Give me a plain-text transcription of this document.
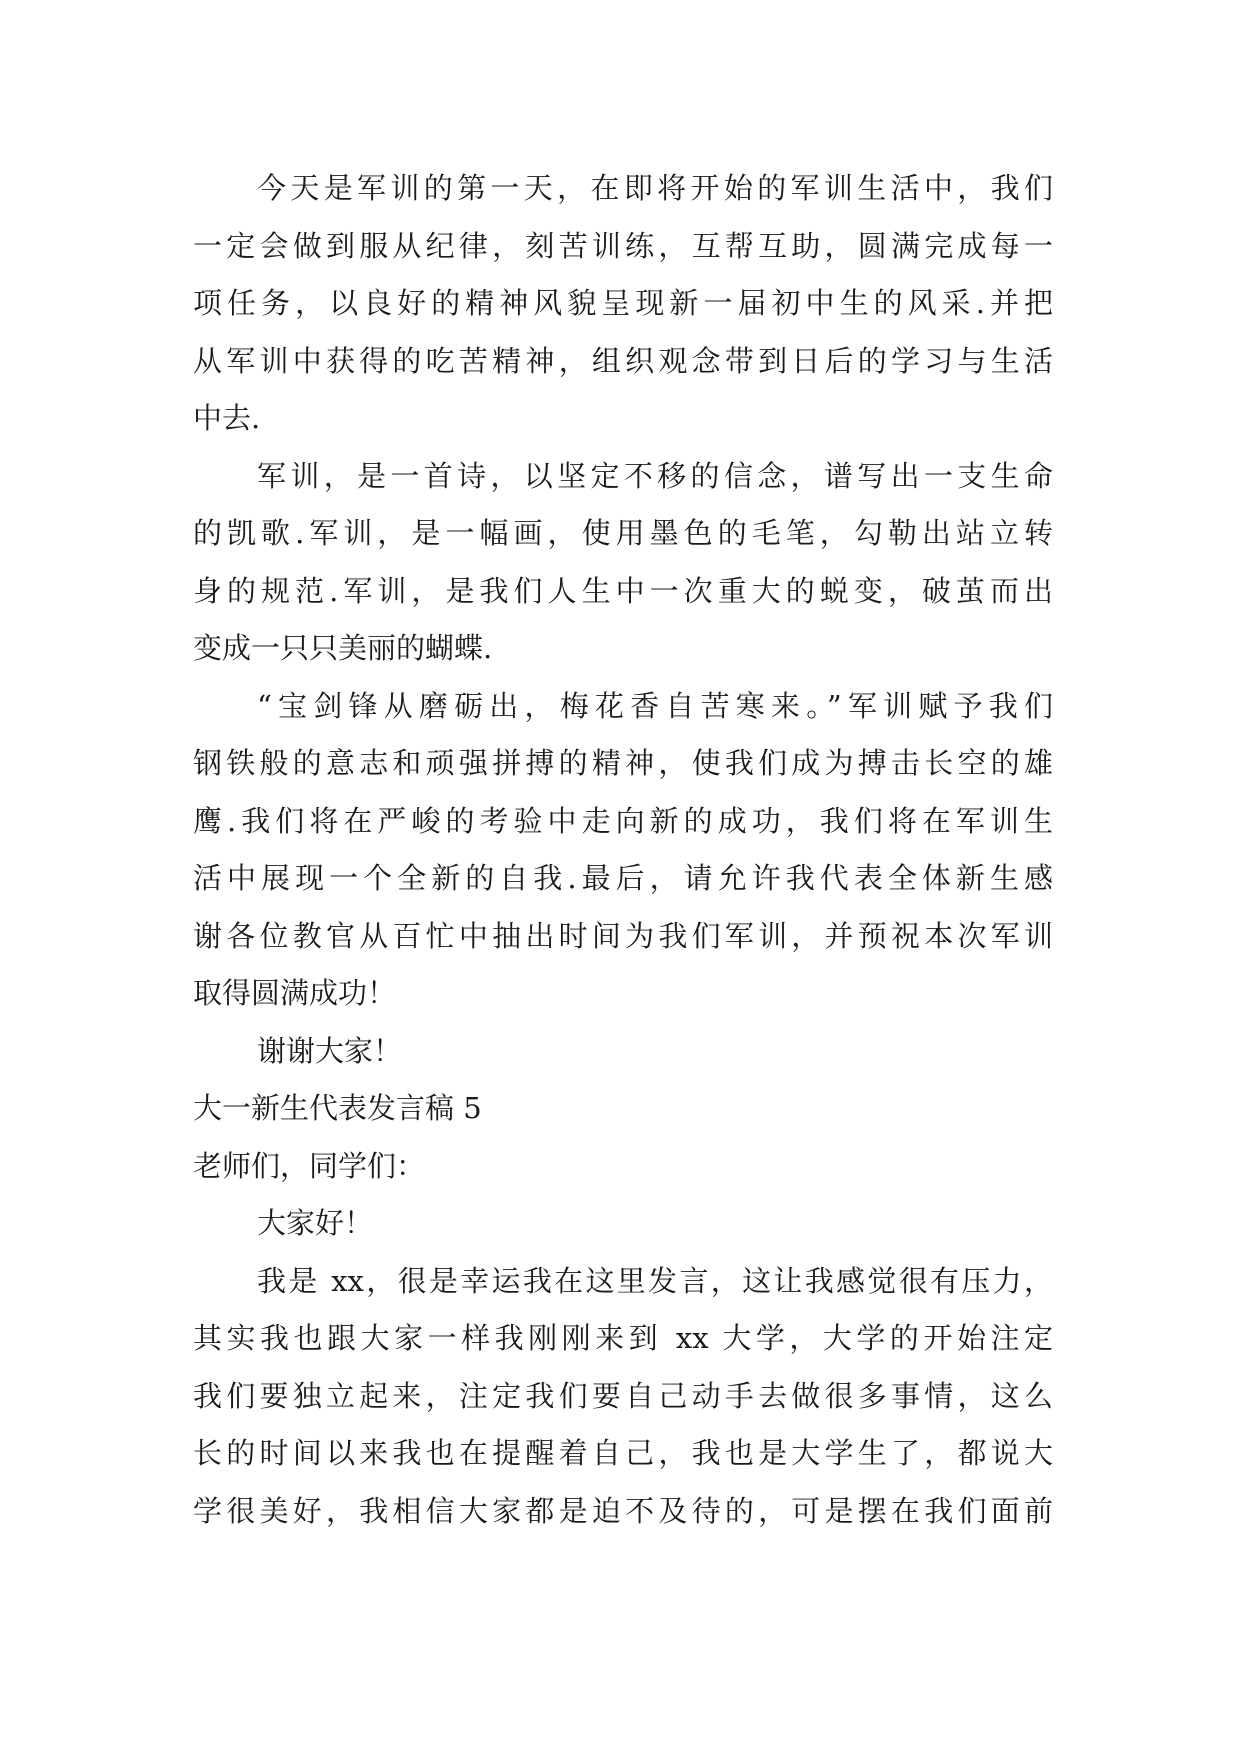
今天是军训的第一天，在即将开始的军训生活中，我们
一定会做到服从纪律，刻苦训练，互帮互助，圆满完成每一
项任务，以良好的精神风貌呈现新一届初中生的风采.并把
从军训中获得的吃苦精神，组织观念带到日后的学习与生活
中去.
军训，是一首诗，以坚定不移的信念，谱写出一支生命
的凯歌.军训，是一幅画，使用墨色的毛笔，勾勒出站立转
身的规范.军训，是我们人生中一次重大的蜕变，破茧而出
变成一只只美丽的蝴蝶.
“宝剑锋从磨砺出，梅花香自苦寒来。”军训赋予我们
钢铁般的意志和顽强拼搏的精神，使我们成为搏击长空的雄
鹰.我们将在严峻的考验中走向新的成功，我们将在军训生
活中展现一个全新的自我.最后，请允许我代表全体新生感
谢各位教官从百忙中抽出时间为我们军训，并预祝本次军训
取得圆满成功！
谢谢大家！
大一新生代表发言稿 5
老师们，同学们：
大家好！
我是 xx，很是幸运我在这里发言，这让我感觉很有压力，
其实我也跟大家一样我刚刚来到 xx 大学，大学的开始注定
我们要独立起来，注定我们要自己动手去做很多事情，这么
长的时间以来我也在提醒着自己，我也是大学生了，都说大
学很美好，我相信大家都是迫不及待的，可是摆在我们面前
